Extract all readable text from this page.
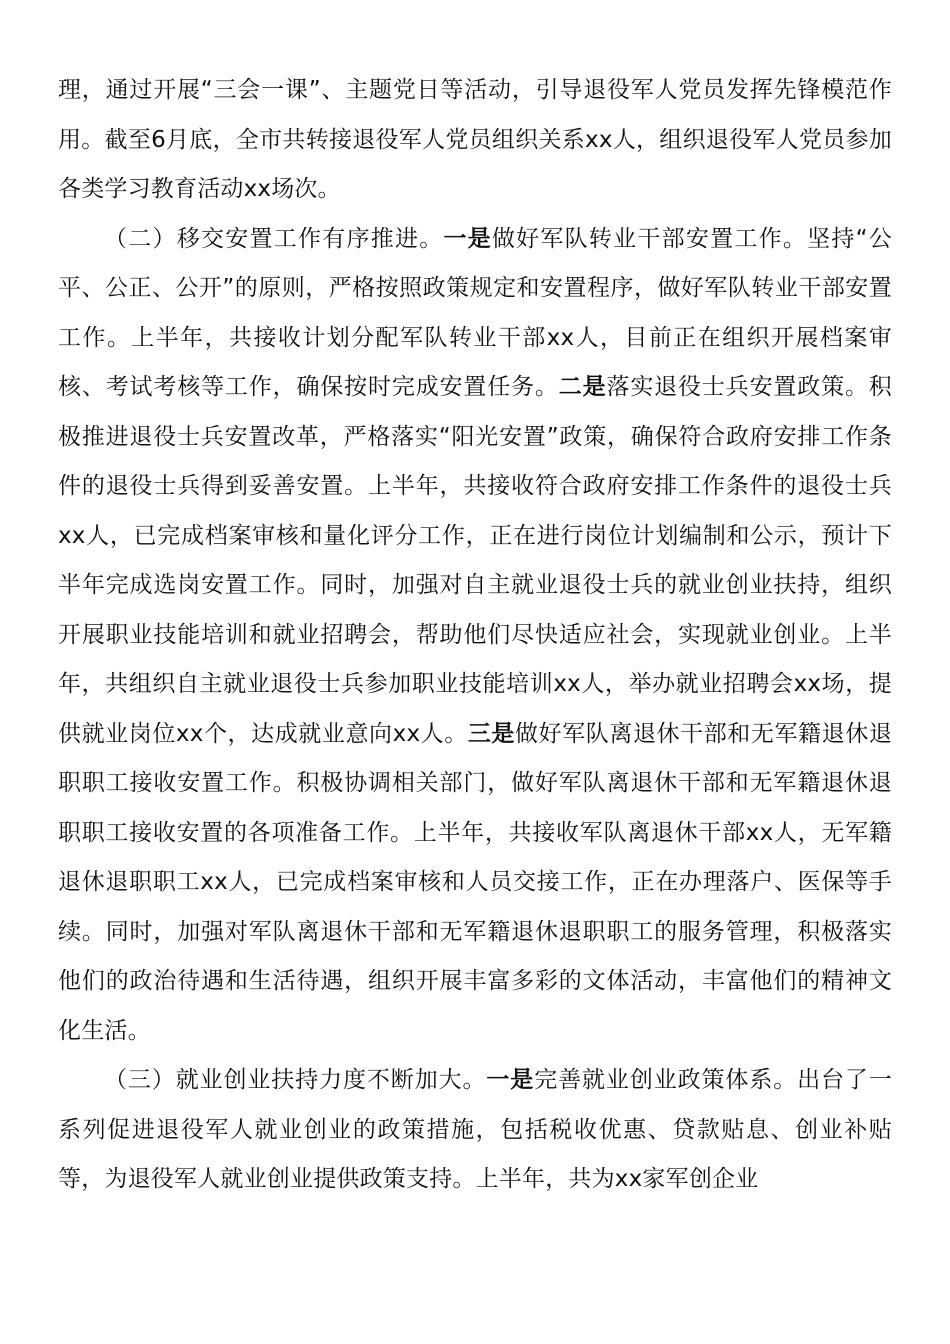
理，通过开展“三会一课”、主题党日等活动，引导退役军人党员发挥先锋模范作用。截至6月底，全市共转接退役军人党员组织关系xx人，组织退役军人党员参加各类学习教育活动xx场次。

（二）移交安置工作有序推进。一是做好军队转业干部安置工作。坚持“公平、公正、公开”的原则，严格按照政策规定和安置程序，做好军队转业干部安置工作。上半年，共接收计划分配军队转业干部xx人，目前正在组织开展档案审核、考试考核等工作，确保按时完成安置任务。二是落实退役士兵安置政策。积极推进退役士兵安置改革，严格落实“阳光安置”政策，确保符合政府安排工作条件的退役士兵得到妥善安置。上半年，共接收符合政府安排工作条件的退役士兵xx人，已完成档案审核和量化评分工作，正在进行岗位计划编制和公示，预计下半年完成选岗安置工作。同时，加强对自主就业退役士兵的就业创业扶持，组织开展职业技能培训和就业招聘会，帮助他们尽快适应社会，实现就业创业。上半年，共组织自主就业退役士兵参加职业技能培训xx人，举办就业招聘会xx场，提供就业岗位xx个，达成就业意向xx人。三是做好军队离退休干部和无军籍退休退职职工接收安置工作。积极协调相关部门，做好军队离退休干部和无军籍退休退职职工接收安置的各项准备工作。上半年，共接收军队离退休干部xx人，无军籍退休退职职工xx人，已完成档案审核和人员交接工作，正在办理落户、医保等手续。同时，加强对军队离退休干部和无军籍退休退职职工的服务管理，积极落实他们的政治待遇和生活待遇，组织开展丰富多彩的文体活动，丰富他们的精神文化生活。

（三）就业创业扶持力度不断加大。一是完善就业创业政策体系。出台了一系列促进退役军人就业创业的政策措施，包括税收优惠、贷款贴息、创业补贴等，为退役军人就业创业提供政策支持。上半年，共为xx家军创企业
